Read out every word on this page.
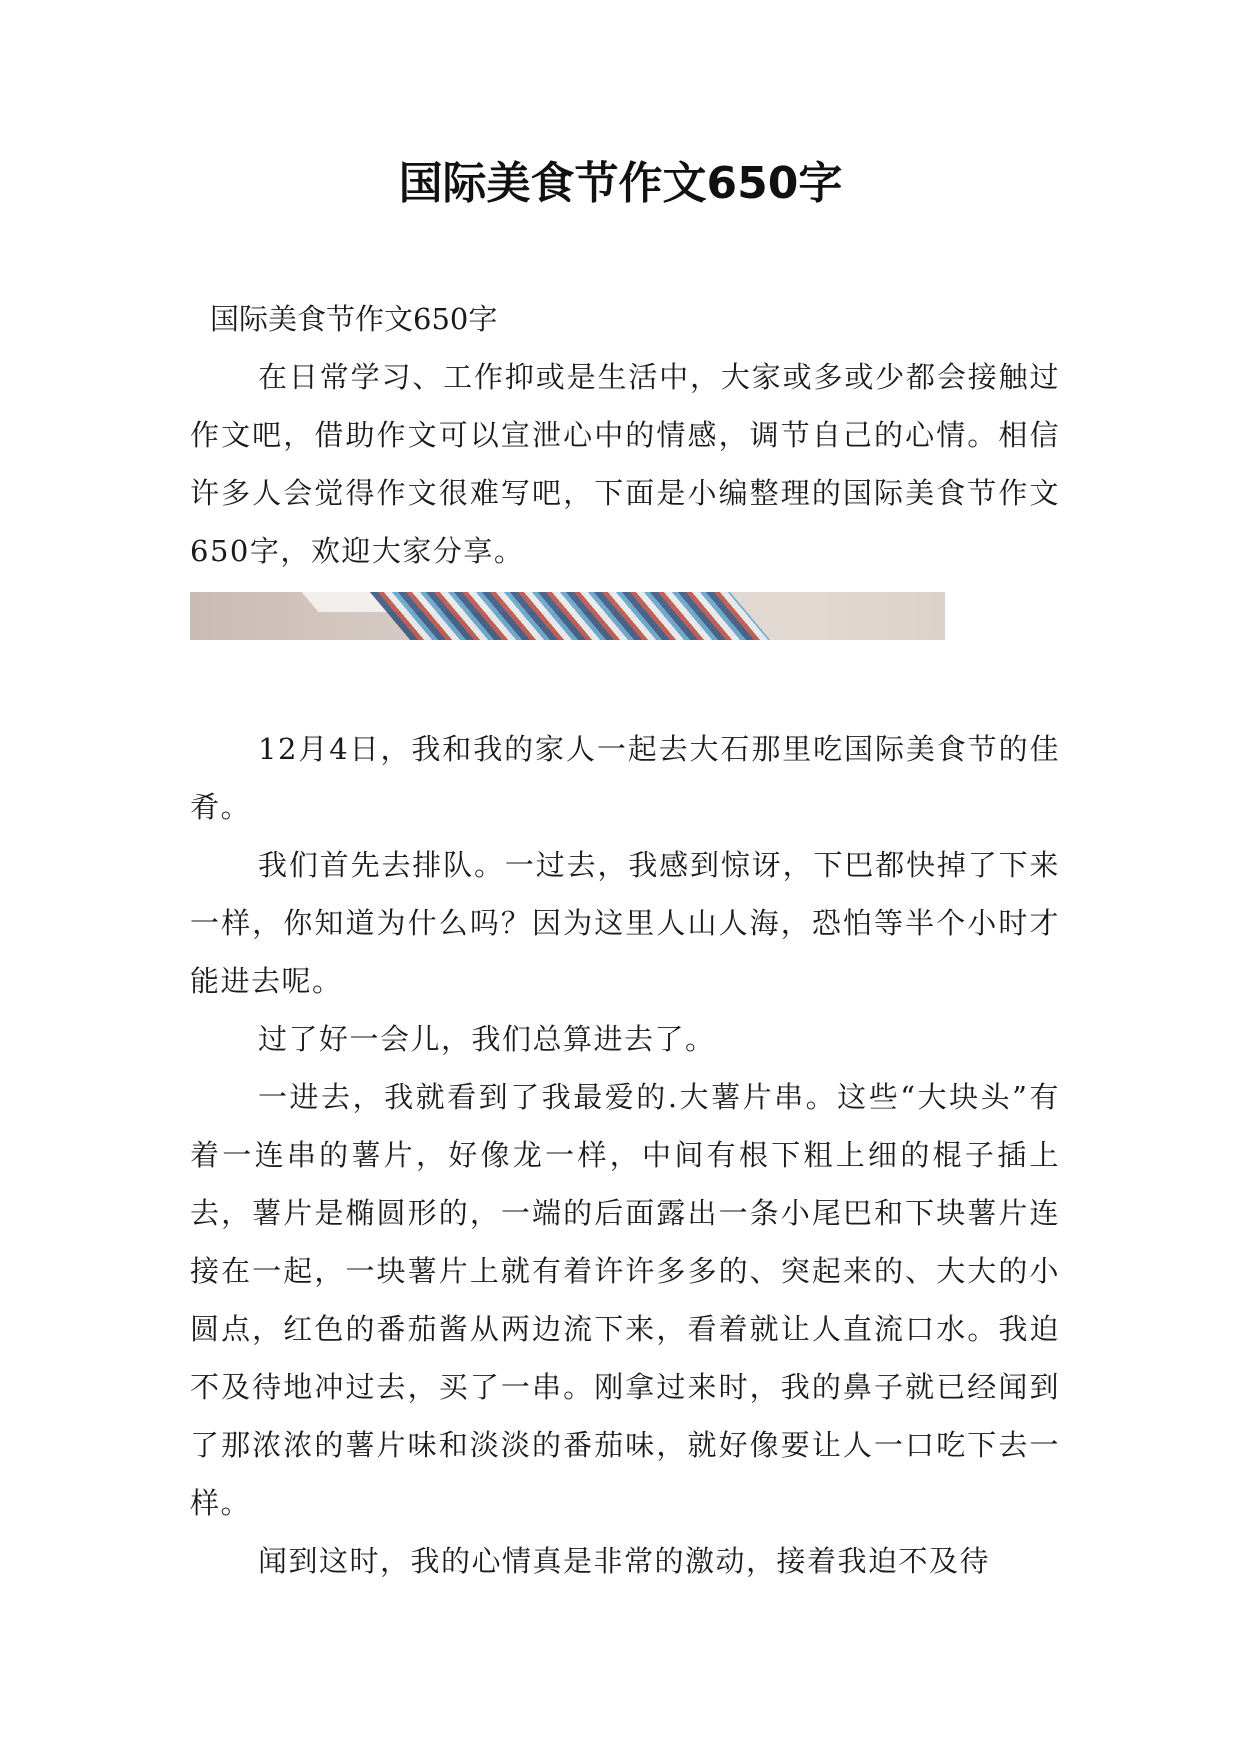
国际美食节作文650字

国际美食节作文650字

在日常学习、工作抑或是生活中，大家或多或少都会接触过作文吧，借助作文可以宣泄心中的情感，调节自己的心情。相信许多人会觉得作文很难写吧，下面是小编整理的国际美食节作文650字，欢迎大家分享。

12月4日，我和我的家人一起去大石那里吃国际美食节的佳肴。

我们首先去排队。一过去，我感到惊讶，下巴都快掉了下来一样，你知道为什么吗？因为这里人山人海，恐怕等半个小时才能进去呢。

过了好一会儿，我们总算进去了。

一进去，我就看到了我最爱的.大薯片串。这些“大块头”有着一连串的薯片，好像龙一样，中间有根下粗上细的棍子插上去，薯片是椭圆形的，一端的后面露出一条小尾巴和下块薯片连接在一起，一块薯片上就有着许许多多的、突起来的、大大的小圆点，红色的番茄酱从两边流下来，看着就让人直流口水。我迫不及待地冲过去，买了一串。刚拿过来时，我的鼻子就已经闻到了那浓浓的薯片味和淡淡的番茄味，就好像要让人一口吃下去一样。

闻到这时，我的心情真是非常的激动，接着我迫不及待
